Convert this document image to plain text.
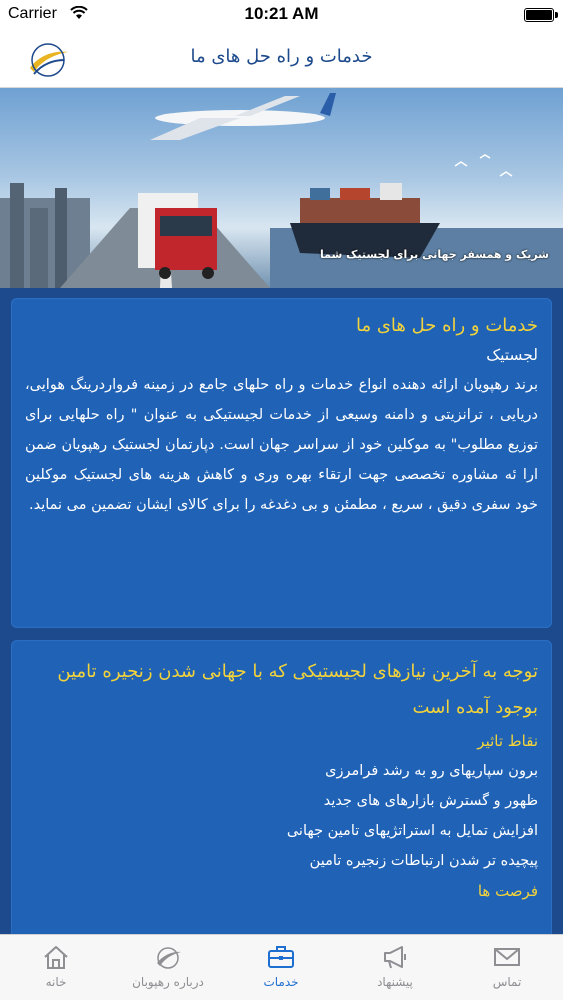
Carrier	10:21 AM
خدمات و راه حل های ما
شریک و همسفر جهانی برای لجستیک شما
خدمات و راه حل های ما
لجستیک
برند رهپویان ارائه دهنده انواع خدمات و راه حلهای جامع در زمینه فرواردرینگ هوایی، دریایی ، ترانزیتی و دامنه وسیعی از خدمات لجیستیکی به عنوان " راه حلهایی برای توزیع مطلوب" به موکلین خود از سراسر جهان است. دپارتمان لجستیک رهپویان ضمن ارا ئه مشاوره تخصصی جهت ارتقاء بهره وری و کاهش هزینه های لجستیک موکلین خود سفری دقیق ، سریع ، مطمئن و بی دغدغه را برای کالای ایشان تضمین می نماید.
توجه به آخرین نیازهای لجیستیکی که با جهانی شدن زنجیره تامین بوجود آمده است
نقاط تاثیر
برون سپاریهای رو به رشد فرامرزی
ظهور و گسترش بازارهای های جدید
افزایش تمایل به استراتژیهای تامین جهانی
پیچیده تر شدن ارتباطات زنجیره تامین
فرصت ها
تماس
پیشنهاد
خدمات
درباره رهپوبان
خانه
